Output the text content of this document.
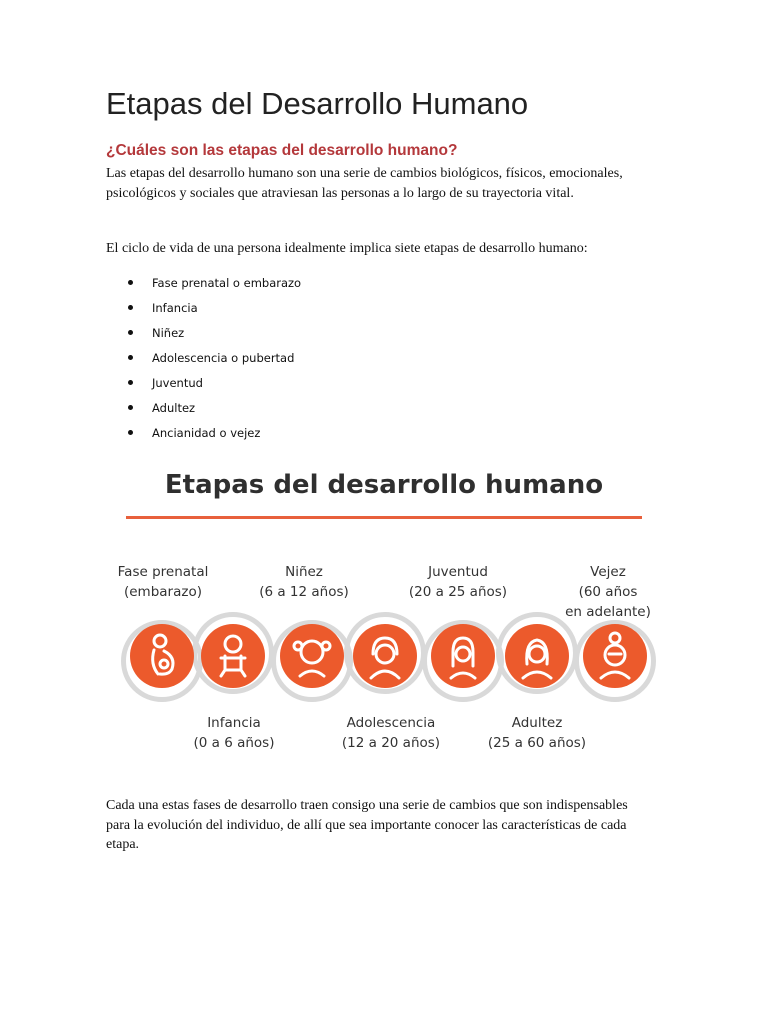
Etapas del Desarrollo Humano
¿Cuáles son las etapas del desarrollo humano?

Las etapas del desarrollo humano son una serie de cambios biológicos, físicos, emocionales, psicológicos y sociales que atraviesan las personas a lo largo de su trayectoria vital.

El ciclo de vida de una persona idealmente implica siete etapas de desarrollo humano:

Fase prenatal o embarazo
Infancia
Niñez
Adolescencia o pubertad
Juventud
Adultez
Ancianidad o vejez
Etapas del desarrollo humano
Fase prenatal
(embarazo)
Niñez
(6 a 12 años)
Juventud
(20 a 25 años)
Vejez
(60 años
en adelante)
Infancia
(0 a 6 años)
Adolescencia
(12 a 20 años)
Adultez
(25 a 60 años)

Cada una estas fases de desarrollo traen consigo una serie de cambios que son indispensables para la evolución del individuo, de allí que sea importante conocer las características de cada etapa.
